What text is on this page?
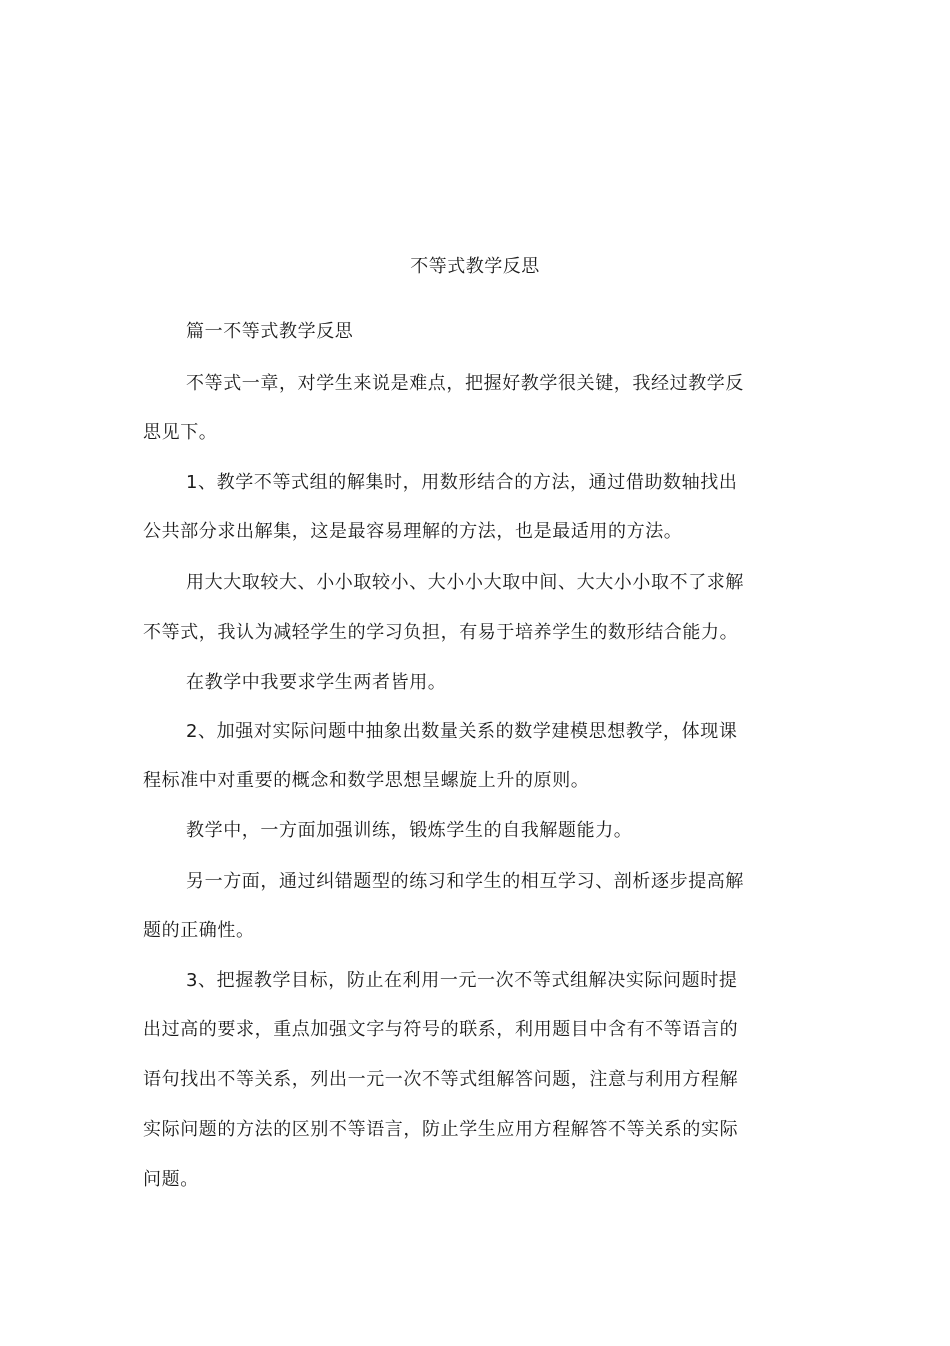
不等式教学反思
篇一不等式教学反思
不等式一章，对学生来说是难点，把握好教学很关键，我经过教学反
思见下。
1、教学不等式组的解集时，用数形结合的方法，通过借助数轴找出
公共部分求出解集，这是最容易理解的方法，也是最适用的方法。
用大大取较大、小小取较小、大小小大取中间、大大小小取不了求解
不等式，我认为减轻学生的学习负担，有易于培养学生的数形结合能力。
在教学中我要求学生两者皆用。
2、加强对实际问题中抽象出数量关系的数学建模思想教学，体现课
程标准中对重要的概念和数学思想呈螺旋上升的原则。
教学中，一方面加强训练，锻炼学生的自我解题能力。
另一方面，通过纠错题型的练习和学生的相互学习、剖析逐步提高解
题的正确性。
3、把握教学目标，防止在利用一元一次不等式组解决实际问题时提
出过高的要求，重点加强文字与符号的联系，利用题目中含有不等语言的
语句找出不等关系，列出一元一次不等式组解答问题，注意与利用方程解
实际问题的方法的区别不等语言，防止学生应用方程解答不等关系的实际
问题。
